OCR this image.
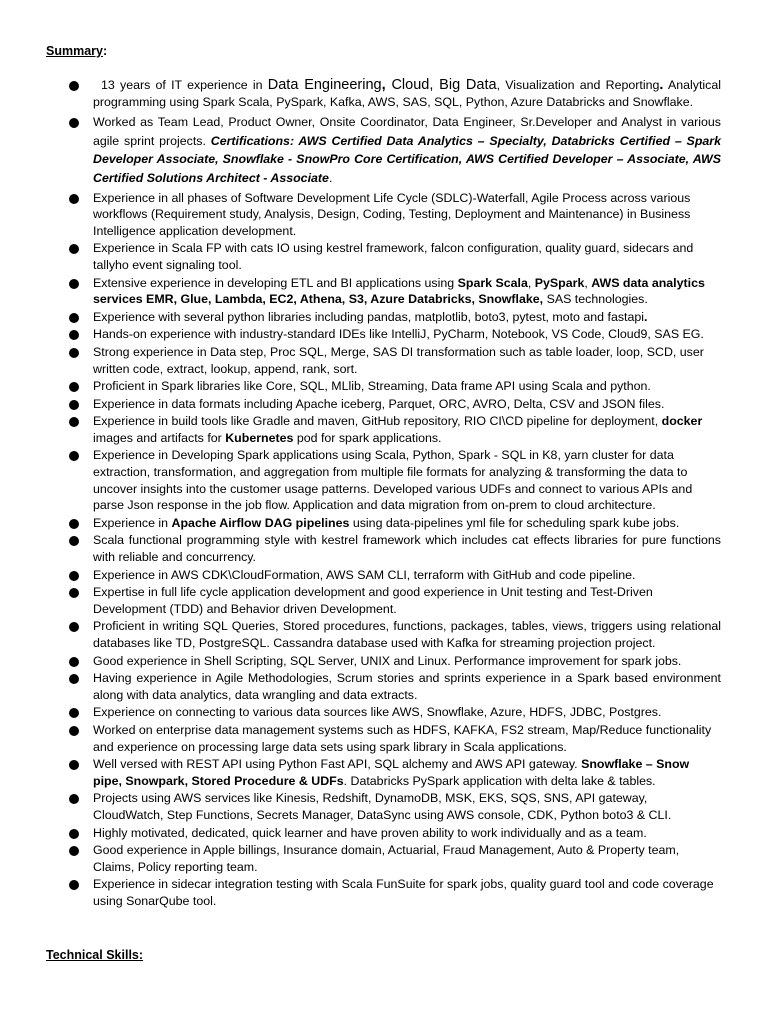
Summary:
13 years of IT experience in Data Engineering, Cloud, Big Data, Visualization and Reporting. Analytical programming using Spark Scala, PySpark, Kafka, AWS, SAS, SQL, Python, Azure Databricks and Snowflake.
Worked as Team Lead, Product Owner, Onsite Coordinator, Data Engineer, Sr.Developer and Analyst in various agile sprint projects. Certifications: AWS Certified Data Analytics – Specialty, Databricks Certified – Spark Developer Associate, Snowflake - SnowPro Core Certification, AWS Certified Developer – Associate, AWS Certified Solutions Architect - Associate.
Experience in all phases of Software Development Life Cycle (SDLC)-Waterfall, Agile Process across various workflows (Requirement study, Analysis, Design, Coding, Testing, Deployment and Maintenance) in Business Intelligence application development.
Experience in Scala FP with cats IO using kestrel framework, falcon configuration, quality guard, sidecars and tallyho event signaling tool.
Extensive experience in developing ETL and BI applications using Spark Scala, PySpark, AWS data analytics services EMR, Glue, Lambda, EC2, Athena, S3, Azure Databricks, Snowflake, SAS technologies.
Experience with several python libraries including pandas, matplotlib, boto3, pytest, moto and fastapi.
Hands-on experience with industry-standard IDEs like IntelliJ, PyCharm, Notebook, VS Code, Cloud9, SAS EG.
Strong experience in Data step, Proc SQL, Merge, SAS DI transformation such as table loader, loop, SCD, user written code, extract, lookup, append, rank, sort.
Proficient in Spark libraries like Core, SQL, MLlib, Streaming, Data frame API using Scala and python.
Experience in data formats including Apache iceberg, Parquet, ORC, AVRO, Delta, CSV and JSON files.
Experience in build tools like Gradle and maven, GitHub repository, RIO CI\CD pipeline for deployment, docker images and artifacts for Kubernetes pod for spark applications.
Experience in Developing Spark applications using Scala, Python, Spark - SQL in K8, yarn cluster for data extraction, transformation, and aggregation from multiple file formats for analyzing & transforming the data to uncover insights into the customer usage patterns. Developed various UDFs and connect to various APIs and parse Json response in the job flow. Application and data migration from on-prem to cloud architecture.
Experience in Apache Airflow DAG pipelines using data-pipelines yml file for scheduling spark kube jobs.
Scala functional programming style with kestrel framework which includes cat effects libraries for pure functions with reliable and concurrency.
Experience in AWS CDK\CloudFormation, AWS SAM CLI, terraform with GitHub and code pipeline.
Expertise in full life cycle application development and good experience in Unit testing and Test-Driven Development (TDD) and Behavior driven Development.
Proficient in writing SQL Queries, Stored procedures, functions, packages, tables, views, triggers using relational databases like TD, PostgreSQL. Cassandra database used with Kafka for streaming projection project.
Good experience in Shell Scripting, SQL Server, UNIX and Linux. Performance improvement for spark jobs.
Having experience in Agile Methodologies, Scrum stories and sprints experience in a Spark based environment along with data analytics, data wrangling and data extracts.
Experience on connecting to various data sources like AWS, Snowflake, Azure, HDFS, JDBC, Postgres.
Worked on enterprise data management systems such as HDFS, KAFKA, FS2 stream, Map/Reduce functionality and experience on processing large data sets using spark library in Scala applications.
Well versed with REST API using Python Fast API, SQL alchemy and AWS API gateway. Snowflake – Snow pipe, Snowpark, Stored Procedure & UDFs. Databricks PySpark application with delta lake & tables.
Projects using AWS services like Kinesis, Redshift, DynamoDB, MSK, EKS, SQS, SNS, API gateway, CloudWatch, Step Functions, Secrets Manager, DataSync using AWS console, CDK, Python boto3 & CLI.
Highly motivated, dedicated, quick learner and have proven ability to work individually and as a team.
Good experience in Apple billings, Insurance domain, Actuarial, Fraud Management, Auto & Property team, Claims, Policy reporting team.
Experience in sidecar integration testing with Scala FunSuite for spark jobs, quality guard tool and code coverage using SonarQube tool.
Technical Skills:
